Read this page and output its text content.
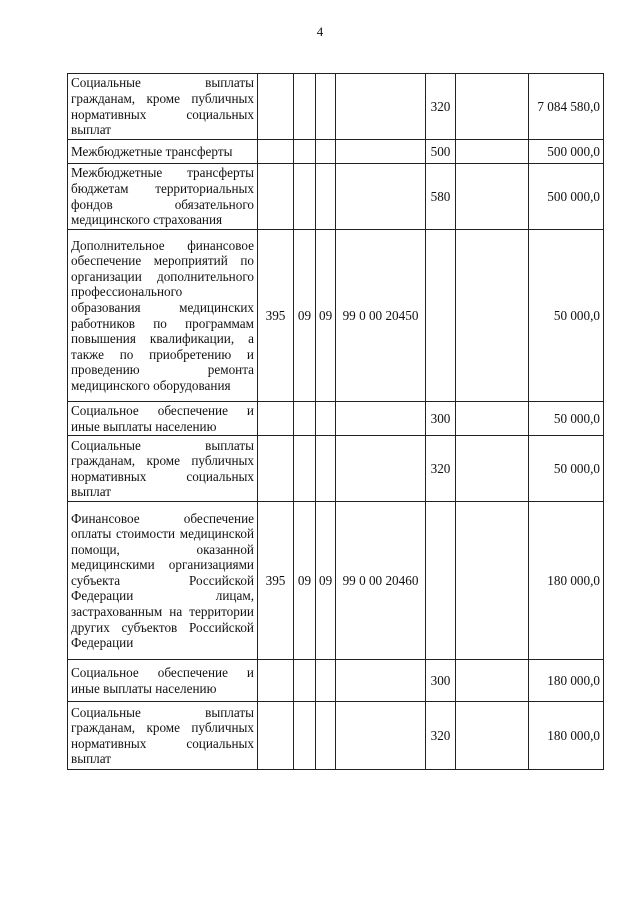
4
Социальные выплаты гражданам, кроме публичных нормативных социальных выплат					320		7 084 580,0
Межбюджетные трансферты					500		500 000,0
Межбюджетные трансферты бюджетам территориальных фондов обязательного медицинского страхования					580		500 000,0
Дополнительное финансовое обеспечение мероприятий по организации дополнительного профессионального образования медицинских работников по программам повышения квалификации, а также по приобретению и проведению ремонта медицинского оборудования	395	09	09	99 0 00 20450			50 000,0
Социальное обеспечение и иные выплаты населению					300		50 000,0
Социальные выплаты гражданам, кроме публичных нормативных социальных выплат					320		50 000,0
Финансовое обеспечение оплаты стоимости медицинской помощи, оказанной медицинскими организациями субъекта Российской Федерации лицам, застрахованным на территории других субъектов Российской Федерации	395	09	09	99 0 00 20460			180 000,0
Социальное обеспечение и иные выплаты населению					300		180 000,0
Социальные выплаты гражданам, кроме публичных нормативных социальных выплат					320		180 000,0
